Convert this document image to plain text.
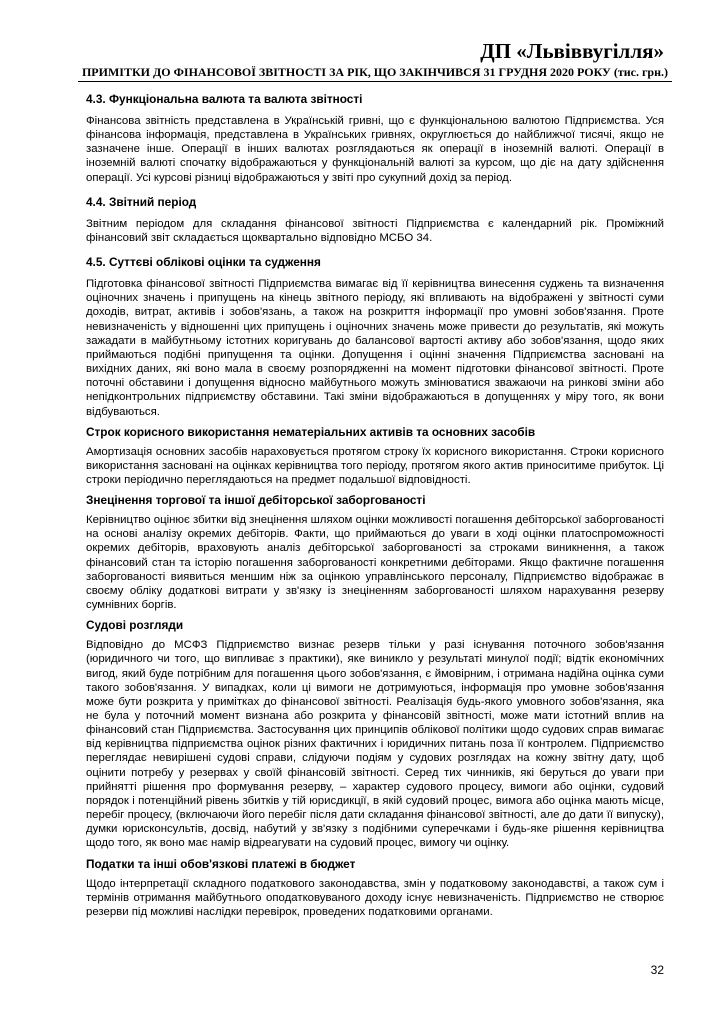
ДП «Львіввугілля»
ПРИМІТКИ ДО ФІНАНСОВОЇ ЗВІТНОСТІ ЗА РІК, ЩО ЗАКІНЧИВСЯ 31 ГРУДНЯ 2020 РОКУ (тис. грн.)
4.3. Функціональна валюта та валюта звітності

Фінансова звітність представлена в Українській гривні, що є функціональною валютою Підприємства. Уся фінансова інформація, представлена в Українських гривнях, округлюється до найближчої тисячі, якщо не зазначене інше. Операції в інших валютах розглядаються як операції в іноземній валюті. Операції в іноземній валюті спочатку відображаються у функціональній валюті за курсом, що діє на дату здійснення операції. Усі курсові різниці відображаються у звіті про сукупний дохід за період.

4.4. Звітний період

Звітним періодом для складання фінансової звітності Підприємства є календарний рік. Проміжний фінансовий звіт складається щоквартально відповідно МСБО 34.

4.5. Суттєві облікові оцінки та судження

Підготовка фінансової звітності Підприємства вимагає від її керівництва винесення суджень та визначення оціночних значень і припущень на кінець звітного періоду, які впливають на відображені у звітності суми доходів, витрат, активів і зобов'язань, а також на розкриття інформації про умовні зобов'язання. Проте невизначеність у відношенні цих припущень і оціночних значень може привести до результатів, які можуть зажадати в майбутньому істотних коригувань до балансової вартості активу або зобов'язання, щодо яких приймаються подібні припущення та оцінки. Допущення і оцінні значення Підприємства засновані на вихідних даних, які воно мала в своєму розпорядженні на момент підготовки фінансової звітності. Проте поточні обставини і допущення відносно майбутнього можуть змінюватися зважаючи на ринкові зміни або непідконтрольних підприємству обставини. Такі зміни відображаються в допущеннях у міру того, як вони відбуваються.

Строк корисного використання нематеріальних активів та основних засобів

Амортизація основних засобів нараховується протягом строку їх корисного використання. Строки корисного використання засновані на оцінках керівництва того періоду, протягом якого актив приноситиме прибуток. Ці строки періодично переглядаються на предмет подальшої відповідності.

Знецінення торгової та іншої дебіторської заборгованості

Керівництво оцінює збитки від знецінення шляхом оцінки можливості погашення дебіторської заборгованості на основі аналізу окремих дебіторів. Факти, що приймаються до уваги в ході оцінки платоспроможності окремих дебіторів, враховують аналіз дебіторської заборгованості за строками виникнення, а також фінансовий стан та історію погашення заборгованості конкретними дебіторами. Якщо фактичне погашення заборгованості виявиться меншим ніж за оцінкою управлінського персоналу, Підприємство відображає в своєму обліку додаткові витрати у зв'язку із знеціненням заборгованості шляхом нарахування резерву сумнівних боргів.

Судові розгляди

Відповідно до МСФЗ Підприємство визнає резерв тільки у разі існування поточного зобов'язання (юридичного чи того, що випливає з практики), яке виникло у результаті минулої події; відтік економічних вигод, який буде потрібним для погашення цього зобов'язання, є ймовірним, і отримана надійна оцінка суми такого зобов'язання. У випадках, коли ці вимоги не дотримуються, інформація про умовне зобов'язання може бути розкрита у примітках до фінансової звітності. Реалізація будь-якого умовного зобов'язання, яка не була у поточний момент визнана або розкрита у фінансовій звітності, може мати істотний вплив на фінансовий стан Підприємства. Застосування цих принципів облікової політики щодо судових справ вимагає від керівництва підприємства оцінок різних фактичних і юридичних питань поза її контролем. Підприємство переглядає невирішені судові справи, слідуючи подіям у судових розглядах на кожну звітну дату, щоб оцінити потребу у резервах у своїй фінансовій звітності. Серед тих чинників, які беруться до уваги при прийнятті рішення про формування резерву, – характер судового процесу, вимоги або оцінки, судовий порядок і потенційний рівень збитків у тій юрисдикції, в якій судовий процес, вимога або оцінка мають місце, перебіг процесу, (включаючи його перебіг після дати складання фінансової звітності, але до дати її випуску), думки юрисконсультів, досвід, набутий у зв'язку з подібними суперечками і будь-яке рішення керівництва щодо того, як воно має намір відреагувати на судовий процес, вимогу чи оцінку.

Податки та інші обов'язкові платежі в бюджет

Щодо інтерпретації складного податкового законодавства, змін у податковому законодавстві, а також сум і термінів отримання майбутнього оподатковуваного доходу існує невизначеність. Підприємство не створює резерви під можливі наслідки перевірок, проведених податковими органами.

32
